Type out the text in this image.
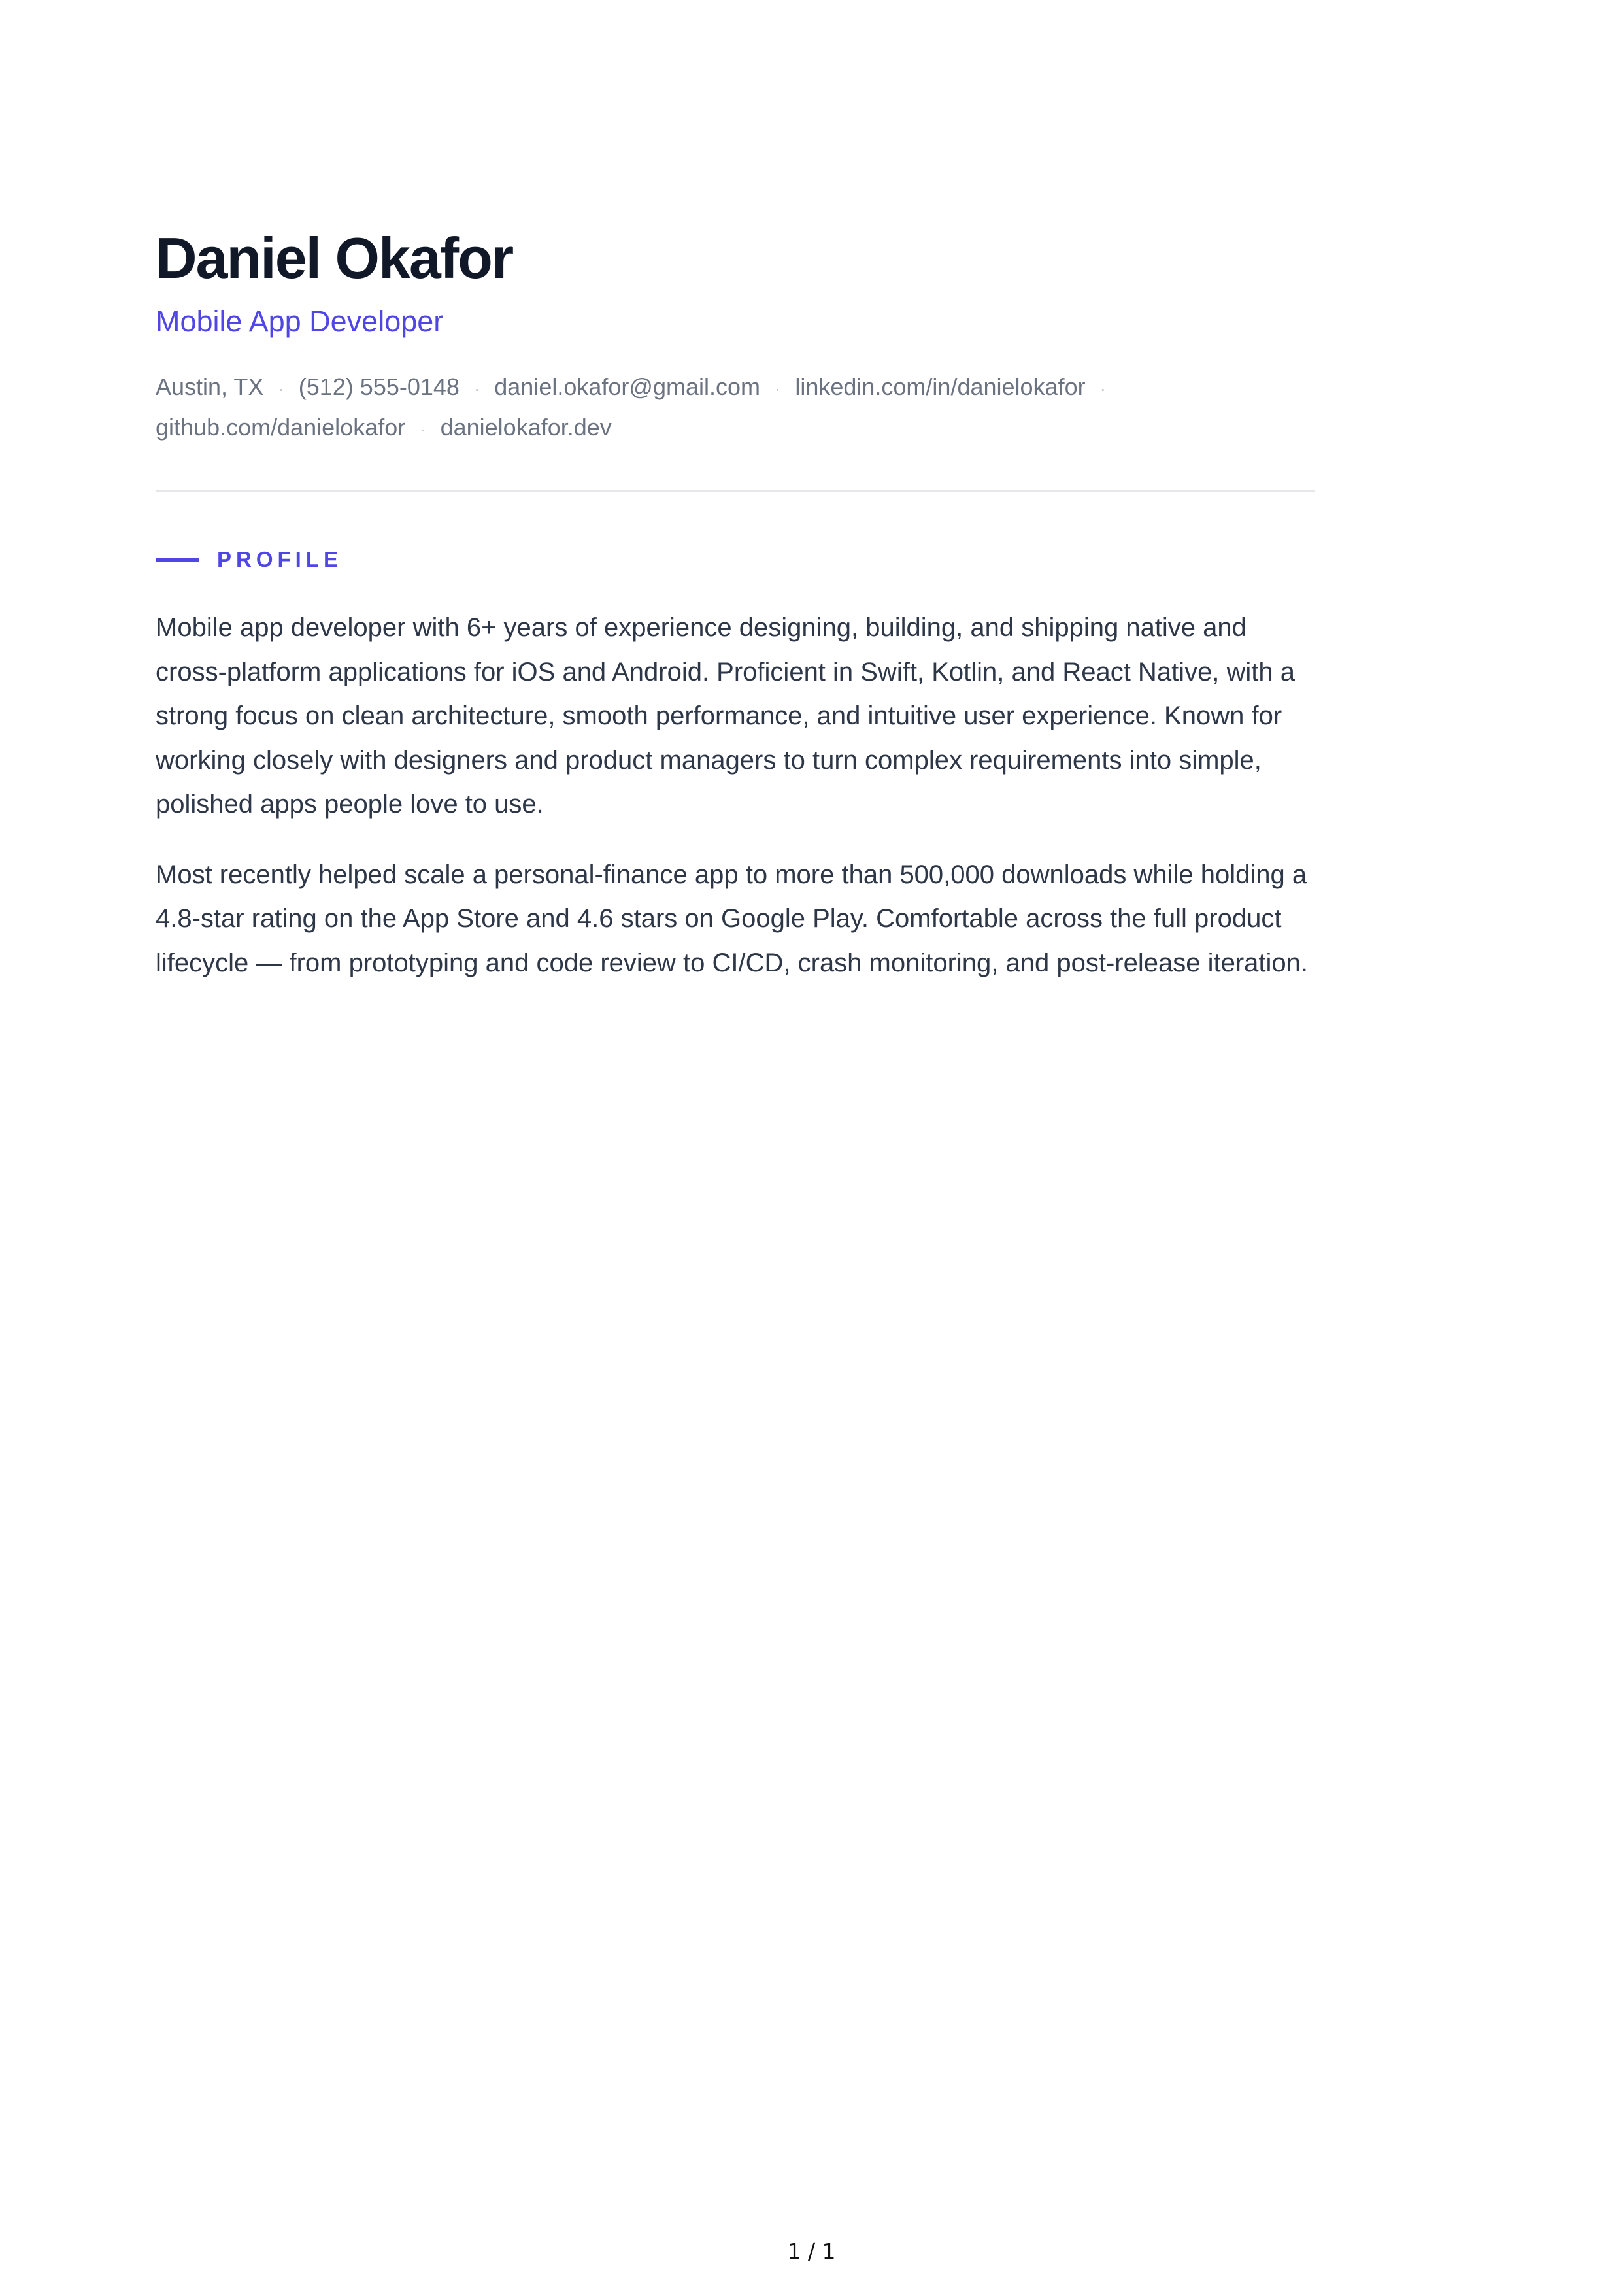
Daniel Okafor
Mobile App Developer
Austin, TX · (512) 555-0148 · daniel.okafor@gmail.com · linkedin.com/in/danielokafor ·
github.com/danielokafor · danielokafor.dev
PROFILE

Mobile app developer with 6+ years of experience designing, building, and shipping native and cross-platform applications for iOS and Android. Proficient in Swift, Kotlin, and React Native, with a strong focus on clean architecture, smooth performance, and intuitive user experience. Known for working closely with designers and product managers to turn complex requirements into simple, polished apps people love to use.

Most recently helped scale a personal-finance app to more than 500,000 downloads while holding a 4.8-star rating on the App Store and 4.6 stars on Google Play. Comfortable across the full product lifecycle — from prototyping and code review to CI/CD, crash monitoring, and post-release iteration.

1 / 1
